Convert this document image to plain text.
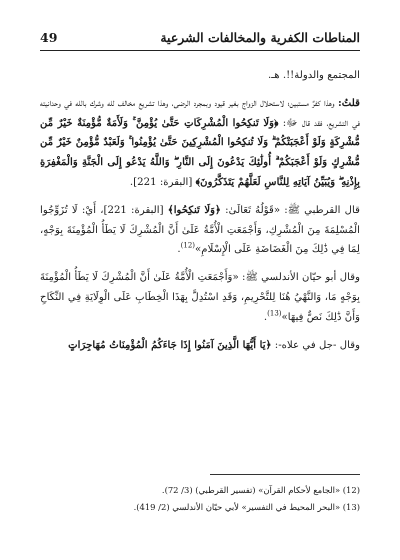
المناطات الكفرية والمخالفات الشرعية
49

المجتمع والدولة!!. هـ.

قلتُ: وهذا كفرٌ مستبين؛ لاستحلال الزواج بغير قيود وبمجرد الرضى، وهذا تشريع مخالف لله وشرك بالله في وحدانيته في التشريع، فقد قال ﷻ: ﴿وَلَا تَنكِحُوا الْمُشْرِكَاتِ حَتَّىٰ يُؤْمِنَّ ۚ وَلَأَمَةٌ مُّؤْمِنَةٌ خَيْرٌ مِّن مُّشْرِكَةٍ وَلَوْ أَعْجَبَتْكُمْ ۗ وَلَا تُنكِحُوا الْمُشْرِكِينَ حَتَّىٰ يُؤْمِنُوا ۚ وَلَعَبْدٌ مُّؤْمِنٌ خَيْرٌ مِّن مُّشْرِكٍ وَلَوْ أَعْجَبَكُمْ ۗ أُولَٰئِكَ يَدْعُونَ إِلَى النَّارِ ۖ وَاللَّهُ يَدْعُو إِلَى الْجَنَّةِ وَالْمَغْفِرَةِ بِإِذْنِهِ ۖ وَيُبَيِّنُ آيَاتِهِ لِلنَّاسِ لَعَلَّهُمْ يَتَذَكَّرُونَ﴾ [البقرة: 221].

قال القرطبي ﷺ: «قَوْلُهُ تَعَالَىٰ: ﴿وَلَا تَنكِحُوا﴾ [البقرة: 221]، أَيْ: لَا تُزَوِّجُوا الْمُسْلِمَةَ مِنَ الْمُشْرِكِ، وَأَجْمَعَتِ الْأُمَّةُ عَلَىٰ أَنَّ الْمُشْرِكَ لَا يَطَأُ الْمُؤْمِنَةَ بِوَجْهٍ، لِمَا فِي ذَٰلِكَ مِنَ الْغَضَاضَةِ عَلَى الْإِسْلَامِ»$^{(12)}$.

وقال أبو حيّان الأندلسي ﷺ: «وَأَجْمَعَتِ الْأُمَّةُ عَلَىٰ أَنَّ الْمُشْرِكَ لَا يَطَأُ الْمُؤْمِنَةَ بِوَجْهٍ مَا، وَالنَّهْيُ هُنَا لِلتَّحْرِيمِ، وَقَدِ اسْتُدِلَّ بِهَذَا الْخِطَابِ عَلَى الْوِلَايَةِ فِي النِّكَاحِ وَأَنَّ ذَٰلِكَ نَصٌّ فِيهَا»$^{(13)}$.

وقال -جل في علاه-: ﴿يَا أَيُّهَا الَّذِينَ آمَنُوا إِذَا جَاءَكُمُ الْمُؤْمِنَاتُ مُهَاجِرَاتٍ

(12) «الجامع لأحكام القرآن» (تفسير القرطبي) (3/ 72).

(13) «البحر المحيط في التفسير» لأبي حيّان الأندلسي (2/ 419).
